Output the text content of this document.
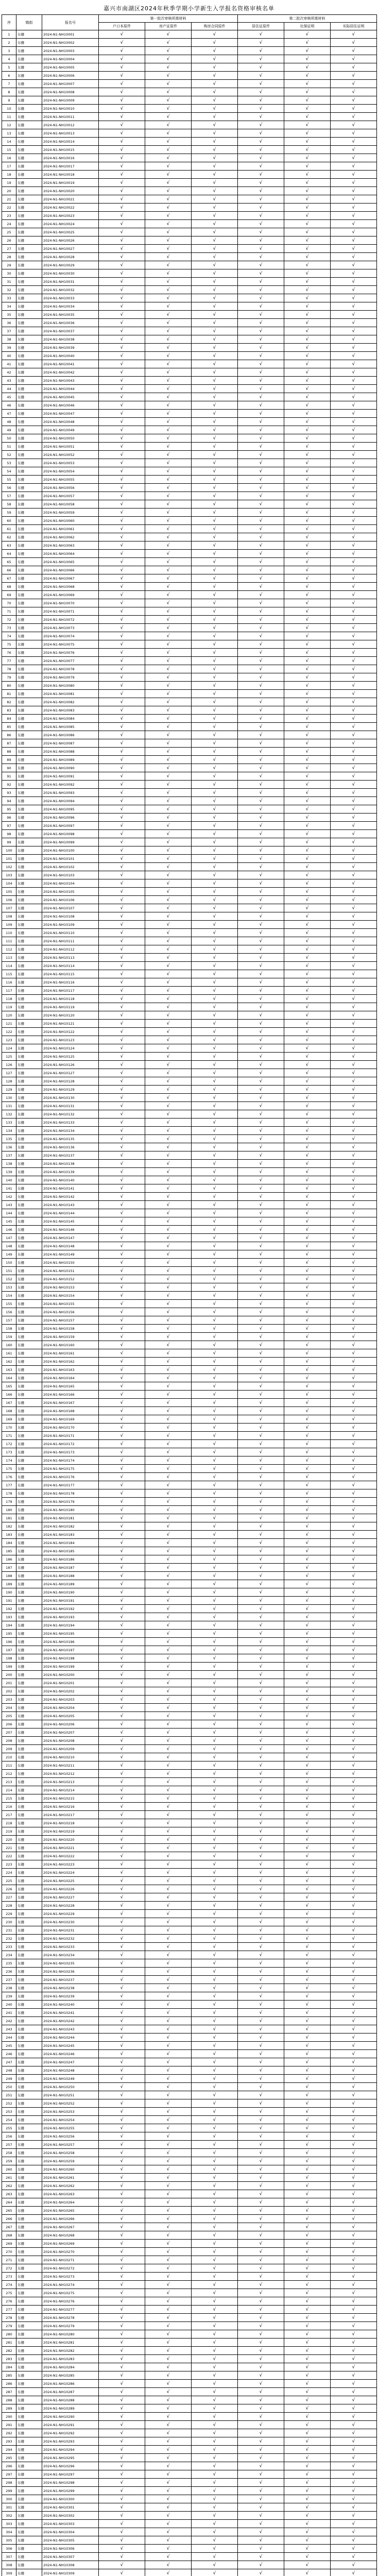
嘉兴市南湖区2024年秋季学期小学新生入学报名资格审核名单
序	镇街	报名号	第一批次审核所需材料			第二批次审核所需材料		
			户口本原件	房产证原件	购房合同原件	居住证原件	社保证明	实际居住证明
1	东栅	2024-N1-NH10001	√	√	√	√	√	√
2	东栅	2024-N1-NH10002	√	√	√	√	√	√
3	东栅	2024-N1-NH10003	√	√	√	√	√	√
4	东栅	2024-N1-NH10004	√	√	√	√	√	√
5	东栅	2024-N1-NH10005	√	√	√	√	√	√
6	东栅	2024-N1-NH10006	√	√	√	√	√	√
7	东栅	2024-N1-NH10007	√	√	√	√	√	√
8	东栅	2024-N1-NH10008	√	√	√	√	√	√
9	东栅	2024-N1-NH10009	√	√	√	√	√	√
10	东栅	2024-N1-NH10010	√	√	√	√	√	√
11	东栅	2024-N1-NH10011	√	√	√	√	√	√
12	东栅	2024-N1-NH10012	√	√	√	√	√	√
13	东栅	2024-N1-NH10013	√	√	√	√	√	√
14	东栅	2024-N1-NH10014	√	√	√	√	√	√
15	东栅	2024-N1-NH10015	√	√	√	√	√	√
16	东栅	2024-N1-NH10016	√	√	√	√	√	√
17	东栅	2024-N1-NH10017	√	√	√	√	√	√
18	东栅	2024-N1-NH10018	√	√	√	√	√	√
19	东栅	2024-N1-NH10019	√	√	√	√	√	√
20	东栅	2024-N1-NH10020	√	√	√	√	√	√
21	东栅	2024-N1-NH10021	√	√	√	√	√	√
22	东栅	2024-N1-NH10022	√	√	√	√	√	√
23	东栅	2024-N1-NH10023	√	√	√	√	√	√
24	东栅	2024-N1-NH10024	√	√	√	√	√	√
25	东栅	2024-N1-NH10025	√	√	√	√	√	√
26	东栅	2024-N1-NH10026	√	√	√	√	√	√
27	东栅	2024-N1-NH10027	√	√	√	√	√	√
28	东栅	2024-N1-NH10028	√	√	√	√	√	√
29	东栅	2024-N1-NH10029	√	√	√	√	√	√
30	东栅	2024-N1-NH10030	√	√	√	√	√	√
31	东栅	2024-N1-NH10031	√	√	√	√	√	√
32	东栅	2024-N1-NH10032	√	√	√	√	√	√
33	东栅	2024-N1-NH10033	√	√	√	√	√	√
34	东栅	2024-N1-NH10034	√	√	√	√	√	√
35	东栅	2024-N1-NH10035	√	√	√	√	√	√
36	东栅	2024-N1-NH10036	√	√	√	√	√	√
37	东栅	2024-N1-NH10037	√	√	√	√	√	√
38	东栅	2024-N1-NH10038	√	√	√	√	√	√
39	东栅	2024-N1-NH10039	√	√	√	√	√	√
40	东栅	2024-N1-NH10040	√	√	√	√	√	√
41	东栅	2024-N1-NH10041	√	√	√	√	√	√
42	东栅	2024-N1-NH10042	√	√	√	√	√	√
43	东栅	2024-N1-NH10043	√	√	√	√	√	√
44	东栅	2024-N1-NH10044	√	√	√	√	√	√
45	东栅	2024-N1-NH10045	√	√	√	√	√	√
46	东栅	2024-N1-NH10046	√	√	√	√	√	√
47	东栅	2024-N1-NH10047	√	√	√	√	√	√
48	东栅	2024-N1-NH10048	√	√	√	√	√	√
49	东栅	2024-N1-NH10049	√	√	√	√	√	√
50	东栅	2024-N1-NH10050	√	√	√	√	√	√
51	东栅	2024-N1-NH10051	√	√	√	√	√	√
52	东栅	2024-N1-NH10052	√	√	√	√	√	√
53	东栅	2024-N1-NH10053	√	√	√	√	√	√
54	东栅	2024-N1-NH10054	√	√	√	√	√	√
55	东栅	2024-N1-NH10055	√	√	√	√	√	√
56	东栅	2024-N1-NH10056	√	√	√	√	√	√
57	东栅	2024-N1-NH10057	√	√	√	√	√	√
58	东栅	2024-N1-NH10058	√	√	√	√	√	√
59	东栅	2024-N1-NH10059	√	√	√	√	√	√
60	东栅	2024-N1-NH10060	√	√	√	√	√	√
61	东栅	2024-N1-NH10061	√	√	√	√	√	√
62	东栅	2024-N1-NH10062	√	√	√	√	√	√
63	东栅	2024-N1-NH10063	√	√	√	√	√	√
64	东栅	2024-N1-NH10064	√	√	√	√	√	√
65	东栅	2024-N1-NH10065	√	√	√	√	√	√
66	东栅	2024-N1-NH10066	√	√	√	√	√	√
67	东栅	2024-N1-NH10067	√	√	√	√	√	√
68	东栅	2024-N1-NH10068	√	√	√	√	√	√
69	东栅	2024-N1-NH10069	√	√	√	√	√	√
70	东栅	2024-N1-NH10070	√	√	√	√	√	√
71	东栅	2024-N1-NH10071	√	√	√	√	√	√
72	东栅	2024-N1-NH10072	√	√	√	√	√	√
73	东栅	2024-N1-NH10073	√	√	√	√	√	√
74	东栅	2024-N1-NH10074	√	√	√	√	√	√
75	东栅	2024-N1-NH10075	√	√	√	√	√	√
76	东栅	2024-N1-NH10076	√	√	√	√	√	√
77	东栅	2024-N1-NH10077	√	√	√	√	√	√
78	东栅	2024-N1-NH10078	√	√	√	√	√	√
79	东栅	2024-N1-NH10079	√	√	√	√	√	√
80	东栅	2024-N1-NH10080	√	√	√	√	√	√
81	东栅	2024-N1-NH10081	√	√	√	√	√	√
82	东栅	2024-N1-NH10082	√	√	√	√	√	√
83	东栅	2024-N1-NH10083	√	√	√	√	√	√
84	东栅	2024-N1-NH10084	√	√	√	√	√	√
85	东栅	2024-N1-NH10085	√	√	√	√	√	√
86	东栅	2024-N1-NH10086	√	√	√	√	√	√
87	东栅	2024-N1-NH10087	√	√	√	√	√	√
88	东栅	2024-N1-NH10088	√	√	√	√	√	√
89	东栅	2024-N1-NH10089	√	√	√	√	√	√
90	东栅	2024-N1-NH10090	√	√	√	√	√	√
91	东栅	2024-N1-NH10091	√	√	√	√	√	√
92	东栅	2024-N1-NH10092	√	√	√	√	√	√
93	东栅	2024-N1-NH10093	√	√	√	√	√	√
94	东栅	2024-N1-NH10094	√	√	√	√	√	√
95	东栅	2024-N1-NH10095	√	√	√	√	√	√
96	东栅	2024-N1-NH10096	√	√	√	√	√	√
97	东栅	2024-N1-NH10097	√	√	√	√	√	√
98	东栅	2024-N1-NH10098	√	√	√	√	√	√
99	东栅	2024-N1-NH10099	√	√	√	√	√	√
100	东栅	2024-N1-NH10100	√	√	√	√	√	√
101	东栅	2024-N1-NH10101	√	√	√	√	√	√
102	东栅	2024-N1-NH10102	√	√	√	√	√	√
103	东栅	2024-N1-NH10103	√	√	√	√	√	√
104	东栅	2024-N1-NH10104	√	√	√	√	√	√
105	东栅	2024-N1-NH10105	√	√	√	√	√	√
106	东栅	2024-N1-NH10106	√	√	√	√	√	√
107	东栅	2024-N1-NH10107	√	√	√	√	√	√
108	东栅	2024-N1-NH10108	√	√	√	√	√	√
109	东栅	2024-N1-NH10109	√	√	√	√	√	√
110	东栅	2024-N1-NH10110	√	√	√	√	√	√
111	东栅	2024-N1-NH10111	√	√	√	√	√	√
112	东栅	2024-N1-NH10112	√	√	√	√	√	√
113	东栅	2024-N1-NH10113	√	√	√	√	√	√
114	东栅	2024-N1-NH10114	√	√	√	√	√	√
115	东栅	2024-N1-NH10115	√	√	√	√	√	√
116	东栅	2024-N1-NH10116	√	√	√	√	√	√
117	东栅	2024-N1-NH10117	√	√	√	√	√	√
118	东栅	2024-N1-NH10118	√	√	√	√	√	√
119	东栅	2024-N1-NH10119	√	√	√	√	√	√
120	东栅	2024-N1-NH10120	√	√	√	√	√	√
121	东栅	2024-N1-NH10121	√	√	√	√	√	√
122	东栅	2024-N1-NH10122	√	√	√	√	√	√
123	东栅	2024-N1-NH10123	√	√	√	√	√	√
124	东栅	2024-N1-NH10124	√	√	√	√	√	√
125	东栅	2024-N1-NH10125	√	√	√	√	√	√
126	东栅	2024-N1-NH10126	√	√	√	√	√	√
127	东栅	2024-N1-NH10127	√	√	√	√	√	√
128	东栅	2024-N1-NH10128	√	√	√	√	√	√
129	东栅	2024-N1-NH10129	√	√	√	√	√	√
130	东栅	2024-N1-NH10130	√	√	√	√	√	√
131	东栅	2024-N1-NH10131	√	√	√	√	√	√
132	东栅	2024-N1-NH10132	√	√	√	√	√	√
133	东栅	2024-N1-NH10133	√	√	√	√	√	√
134	东栅	2024-N1-NH10134	√	√	√	√	√	√
135	东栅	2024-N1-NH10135	√	√	√	√	√	√
136	东栅	2024-N1-NH10136	√	√	√	√	√	√
137	东栅	2024-N1-NH10137	√	√	√	√	√	√
138	东栅	2024-N1-NH10138	√	√	√	√	√	√
139	东栅	2024-N1-NH10139	√	√	√	√	√	√
140	东栅	2024-N1-NH10140	√	√	√	√	√	√
141	东栅	2024-N1-NH10141	√	√	√	√	√	√
142	东栅	2024-N1-NH10142	√	√	√	√	√	√
143	东栅	2024-N1-NH10143	√	√	√	√	√	√
144	东栅	2024-N1-NH10144	√	√	√	√	√	√
145	东栅	2024-N1-NH10145	√	√	√	√	√	√
146	东栅	2024-N1-NH10146	√	√	√	√	√	√
147	东栅	2024-N1-NH10147	√	√	√	√	√	√
148	东栅	2024-N1-NH10148	√	√	√	√	√	√
149	东栅	2024-N1-NH10149	√	√	√	√	√	√
150	东栅	2024-N1-NH10150	√	√	√	√	√	√
151	东栅	2024-N1-NH10151	√	√	√	√	√	√
152	东栅	2024-N1-NH10152	√	√	√	√	√	√
153	东栅	2024-N1-NH10153	√	√	√	√	√	√
154	东栅	2024-N1-NH10154	√	√	√	√	√	√
155	东栅	2024-N1-NH10155	√	√	√	√	√	√
156	东栅	2024-N1-NH10156	√	√	√	√	√	√
157	东栅	2024-N1-NH10157	√	√	√	√	√	√
158	东栅	2024-N1-NH10158	√	√	√	√	√	√
159	东栅	2024-N1-NH10159	√	√	√	√	√	√
160	东栅	2024-N1-NH10160	√	√	√	√	√	√
161	东栅	2024-N1-NH10161	√	√	√	√	√	√
162	东栅	2024-N1-NH10162	√	√	√	√	√	√
163	东栅	2024-N1-NH10163	√	√	√	√	√	√
164	东栅	2024-N1-NH10164	√	√	√	√	√	√
165	东栅	2024-N1-NH10165	√	√	√	√	√	√
166	东栅	2024-N1-NH10166	√	√	√	√	√	√
167	东栅	2024-N1-NH10167	√	√	√	√	√	√
168	东栅	2024-N1-NH10168	√	√	√	√	√	√
169	东栅	2024-N1-NH10169	√	√	√	√	√	√
170	东栅	2024-N1-NH10170	√	√	√	√	√	√
171	东栅	2024-N1-NH10171	√	√	√	√	√	√
172	东栅	2024-N1-NH10172	√	√	√	√	√	√
173	东栅	2024-N1-NH10173	√	√	√	√	√	√
174	东栅	2024-N1-NH10174	√	√	√	√	√	√
175	东栅	2024-N1-NH10175	√	√	√	√	√	√
176	东栅	2024-N1-NH10176	√	√	√	√	√	√
177	东栅	2024-N1-NH10177	√	√	√	√	√	√
178	东栅	2024-N1-NH10178	√	√	√	√	√	√
179	东栅	2024-N1-NH10179	√	√	√	√	√	√
180	东栅	2024-N1-NH10180	√	√	√	√	√	√
181	东栅	2024-N1-NH10181	√	√	√	√	√	√
182	东栅	2024-N1-NH10182	√	√	√	√	√	√
183	东栅	2024-N1-NH10183	√	√	√	√	√	√
184	东栅	2024-N1-NH10184	√	√	√	√	√	√
185	东栅	2024-N1-NH10185	√	√	√	√	√	√
186	东栅	2024-N1-NH10186	√	√	√	√	√	√
187	东栅	2024-N1-NH10187	√	√	√	√	√	√
188	东栅	2024-N1-NH10188	√	√	√	√	√	√
189	东栅	2024-N1-NH10189	√	√	√	√	√	√
190	东栅	2024-N1-NH10190	√	√	√	√	√	√
191	东栅	2024-N1-NH10191	√	√	√	√	√	√
192	东栅	2024-N1-NH10192	√	√	√	√	√	√
193	东栅	2024-N1-NH10193	√	√	√	√	√	√
194	东栅	2024-N1-NH10194	√	√	√	√	√	√
195	东栅	2024-N1-NH10195	√	√	√	√	√	√
196	东栅	2024-N1-NH10196	√	√	√	√	√	√
197	东栅	2024-N1-NH10197	√	√	√	√	√	√
198	东栅	2024-N1-NH10198	√	√	√	√	√	√
199	东栅	2024-N1-NH10199	√	√	√	√	√	√
200	东栅	2024-N1-NH10200	√	√	√	√	√	√
201	东栅	2024-N1-NH10201	√	√	√	√	√	√
202	东栅	2024-N1-NH10202	√	√	√	√	√	√
203	东栅	2024-N1-NH10203	√	√	√	√	√	√
204	东栅	2024-N1-NH10204	√	√	√	√	√	√
205	东栅	2024-N1-NH10205	√	√	√	√	√	√
206	东栅	2024-N1-NH10206	√	√	√	√	√	√
207	东栅	2024-N1-NH10207	√	√	√	√	√	√
208	东栅	2024-N1-NH10208	√	√	√	√	√	√
209	东栅	2024-N1-NH10209	√	√	√	√	√	√
210	东栅	2024-N1-NH10210	√	√	√	√	√	√
211	东栅	2024-N1-NH10211	√	√	√	√	√	√
212	东栅	2024-N1-NH10212	√	√	√	√	√	√
213	东栅	2024-N1-NH10213	√	√	√	√	√	√
214	东栅	2024-N1-NH10214	√	√	√	√	√	√
215	东栅	2024-N1-NH10215	√	√	√	√	√	√
216	东栅	2024-N1-NH10216	√	√	√	√	√	√
217	东栅	2024-N1-NH10217	√	√	√	√	√	√
218	东栅	2024-N1-NH10218	√	√	√	√	√	√
219	东栅	2024-N1-NH10219	√	√	√	√	√	√
220	东栅	2024-N1-NH10220	√	√	√	√	√	√
221	东栅	2024-N1-NH10221	√	√	√	√	√	√
222	东栅	2024-N1-NH10222	√	√	√	√	√	√
223	东栅	2024-N1-NH10223	√	√	√	√	√	√
224	东栅	2024-N1-NH10224	√	√	√	√	√	√
225	东栅	2024-N1-NH10225	√	√	√	√	√	√
226	东栅	2024-N1-NH10226	√	√	√	√	√	√
227	东栅	2024-N1-NH10227	√	√	√	√	√	√
228	东栅	2024-N1-NH10228	√	√	√	√	√	√
229	东栅	2024-N1-NH10229	√	√	√	√	√	√
230	东栅	2024-N1-NH10230	√	√	√	√	√	√
231	东栅	2024-N1-NH10231	√	√	√	√	√	√
232	东栅	2024-N1-NH10232	√	√	√	√	√	√
233	东栅	2024-N1-NH10233	√	√	√	√	√	√
234	东栅	2024-N1-NH10234	√	√	√	√	√	√
235	东栅	2024-N1-NH10235	√	√	√	√	√	√
236	东栅	2024-N1-NH10236	√	√	√	√	√	√
237	东栅	2024-N1-NH10237	√	√	√	√	√	√
238	东栅	2024-N1-NH10238	√	√	√	√	√	√
239	东栅	2024-N1-NH10239	√	√	√	√	√	√
240	东栅	2024-N1-NH10240	√	√	√	√	√	√
241	东栅	2024-N1-NH10241	√	√	√	√	√	√
242	东栅	2024-N1-NH10242	√	√	√	√	√	√
243	东栅	2024-N1-NH10243	√	√	√	√	√	√
244	东栅	2024-N1-NH10244	√	√	√	√	√	√
245	东栅	2024-N1-NH10245	√	√	√	√	√	√
246	东栅	2024-N1-NH10246	√	√	√	√	√	√
247	东栅	2024-N1-NH10247	√	√	√	√	√	√
248	东栅	2024-N1-NH10248	√	√	√	√	√	√
249	东栅	2024-N1-NH10249	√	√	√	√	√	√
250	东栅	2024-N1-NH10250	√	√	√	√	√	√
251	东栅	2024-N1-NH10251	√	√	√	√	√	√
252	东栅	2024-N1-NH10252	√	√	√	√	√	√
253	东栅	2024-N1-NH10253	√	√	√	√	√	√
254	东栅	2024-N1-NH10254	√	√	√	√	√	√
255	东栅	2024-N1-NH10255	√	√	√	√	√	√
256	东栅	2024-N1-NH10256	√	√	√	√	√	√
257	东栅	2024-N1-NH10257	√	√	√	√	√	√
258	东栅	2024-N1-NH10258	√	√	√	√	√	√
259	东栅	2024-N1-NH10259	√	√	√	√	√	√
260	东栅	2024-N1-NH10260	√	√	√	√	√	√
261	东栅	2024-N1-NH10261	√	√	√	√	√	√
262	东栅	2024-N1-NH10262	√	√	√	√	√	√
263	东栅	2024-N1-NH10263	√	√	√	√	√	√
264	东栅	2024-N1-NH10264	√	√	√	√	√	√
265	东栅	2024-N1-NH10265	√	√	√	√	√	√
266	东栅	2024-N1-NH10266	√	√	√	√	√	√
267	东栅	2024-N1-NH10267	√	√	√	√	√	√
268	东栅	2024-N1-NH10268	√	√	√	√	√	√
269	东栅	2024-N1-NH10269	√	√	√	√	√	√
270	东栅	2024-N1-NH10270	√	√	√	√	√	√
271	东栅	2024-N1-NH10271	√	√	√	√	√	√
272	东栅	2024-N1-NH10272	√	√	√	√	√	√
273	东栅	2024-N1-NH10273	√	√	√	√	√	√
274	东栅	2024-N1-NH10274	√	√	√	√	√	√
275	东栅	2024-N1-NH10275	√	√	√	√	√	√
276	东栅	2024-N1-NH10276	√	√	√	√	√	√
277	东栅	2024-N1-NH10277	√	√	√	√	√	√
278	东栅	2024-N1-NH10278	√	√	√	√	√	√
279	东栅	2024-N1-NH10279	√	√	√	√	√	√
280	东栅	2024-N1-NH10280	√	√	√	√	√	√
281	东栅	2024-N1-NH10281	√	√	√	√	√	√
282	东栅	2024-N1-NH10282	√	√	√	√	√	√
283	东栅	2024-N1-NH10283	√	√	√	√	√	√
284	东栅	2024-N1-NH10284	√	√	√	√	√	√
285	东栅	2024-N1-NH10285	√	√	√	√	√	√
286	东栅	2024-N1-NH10286	√	√	√	√	√	√
287	东栅	2024-N1-NH10287	√	√	√	√	√	√
288	东栅	2024-N1-NH10288	√	√	√	√	√	√
289	东栅	2024-N1-NH10289	√	√	√	√	√	√
290	东栅	2024-N1-NH10290	√	√	√	√	√	√
291	东栅	2024-N1-NH10291	√	√	√	√	√	√
292	东栅	2024-N1-NH10292	√	√	√	√	√	√
293	东栅	2024-N1-NH10293	√	√	√	√	√	√
294	东栅	2024-N1-NH10294	√	√	√	√	√	√
295	东栅	2024-N1-NH10295	√	√	√	√	√	√
296	东栅	2024-N1-NH10296	√	√	√	√	√	√
297	东栅	2024-N1-NH10297	√	√	√	√	√	√
298	东栅	2024-N1-NH10298	√	√	√	√	√	√
299	东栅	2024-N1-NH10299	√	√	√	√	√	√
300	东栅	2024-N1-NH10300	√	√	√	√	√	√
301	东栅	2024-N1-NH10301	√	√	√	√	√	√
302	东栅	2024-N1-NH10302	√	√	√	√	√	√
303	东栅	2024-N1-NH10303	√	√	√	√	√	√
304	东栅	2024-N1-NH10304	√	√	√	√	√	√
305	东栅	2024-N1-NH10305	√	√	√	√	√	√
306	东栅	2024-N1-NH10306	√	√	√	√	√	√
307	东栅	2024-N1-NH10307	√	√	√	√	√	√
308	东栅	2024-N1-NH10308	√	√	√	√	√	√
309	东栅	2024-N1-NH10309	√	√	√	√	√	√
